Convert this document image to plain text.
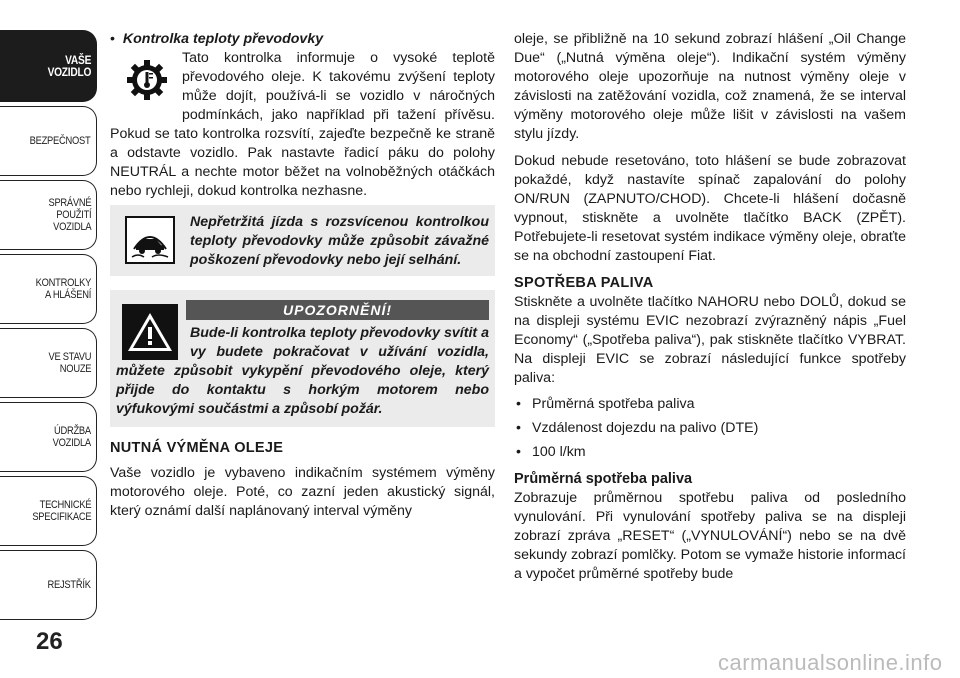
VAŠE
VOZIDLO
BEZPEČNOST
SPRÁVNÉ
POUŽITÍ
VOZIDLA
KONTROLKY
A HLÁŠENÍ
VE STAVU
NOUZE
ÚDRŽBA
VOZIDLA
TECHNICKÉ
SPECIFIKACE
REJSTŘÍK
26

•  Kontrolka teploty převodovky

Tato kontrolka informuje o vysoké teplotě převodového oleje. K takovému zvýšení teploty může dojít, používá-li se vozidlo v náročných podmínkách, jako například při tažení přívěsu. Pokud se tato kontrolka rozsvítí, zajeďte bezpečně ke straně a odstavte vozidlo. Pak nastavte řadicí páku do polohy NEUTRÁL a nechte motor běžet na volnoběžných otáčkách nebo rychleji, dokud kontrolka nezhasne.

Nepřetržitá jízda s rozsvícenou kontrolkou teploty převodovky může způsobit závažné poškození převodovky nebo její selhání.

UPOZORNĚNÍ!

Bude-li kontrolka teploty převodovky svítit a vy budete pokračovat v užívání vozidla, můžete způsobit vykypění převodového oleje, který přijde do kontaktu s horkým motorem nebo výfukovými součástmi a způsobí požár.

NUTNÁ VÝMĚNA OLEJE

Vaše vozidlo je vybaveno indikačním systémem výměny motorového oleje. Poté, co zazní jeden akustický signál, který oznámí další naplánovaný interval výměny

oleje, se přibližně na 10 sekund zobrazí hlášení „Oil Change Due“ („Nutná výměna oleje“). Indikační systém výměny motorového oleje upozorňuje na nutnost výměny oleje v závislosti na zatěžování vozidla, což znamená, že se interval výměny motorového oleje může lišit v závislosti na vašem stylu jízdy.

Dokud nebude resetováno, toto hlášení se bude zobrazovat pokaždé, když nastavíte spínač zapalování do polohy ON/RUN (ZAPNUTO/CHOD). Chcete-li hlášení dočasně vypnout, stiskněte a uvolněte tlačítko BACK (ZPĚT). Potřebujete-li resetovat systém indikace výměny oleje, obraťte se na obchodní zastoupení Fiat.

SPOTŘEBA PALIVA

Stiskněte a uvolněte tlačítko NAHORU nebo DOLŮ, dokud se na displeji systému EVIC nezobrazí zvýrazněný nápis „Fuel Economy“ („Spotřeba paliva“), pak stiskněte tlačítko VYBRAT. Na displeji EVIC se zobrazí následující funkce spotřeby paliva:

• Průměrná spotřeba paliva
• Vzdálenost dojezdu na palivo (DTE)
• 100 l/km

Průměrná spotřeba paliva

Zobrazuje průměrnou spotřebu paliva od posledního vynulování. Při vynulování spotřeby paliva se na displeji zobrazí zpráva „RESET“ („VYNULOVÁNÍ“) nebo se na dvě sekundy zobrazí pomlčky. Potom se vymaže historie informací a vypočet průměrné spotřeby bude

carmanualsonline.info
